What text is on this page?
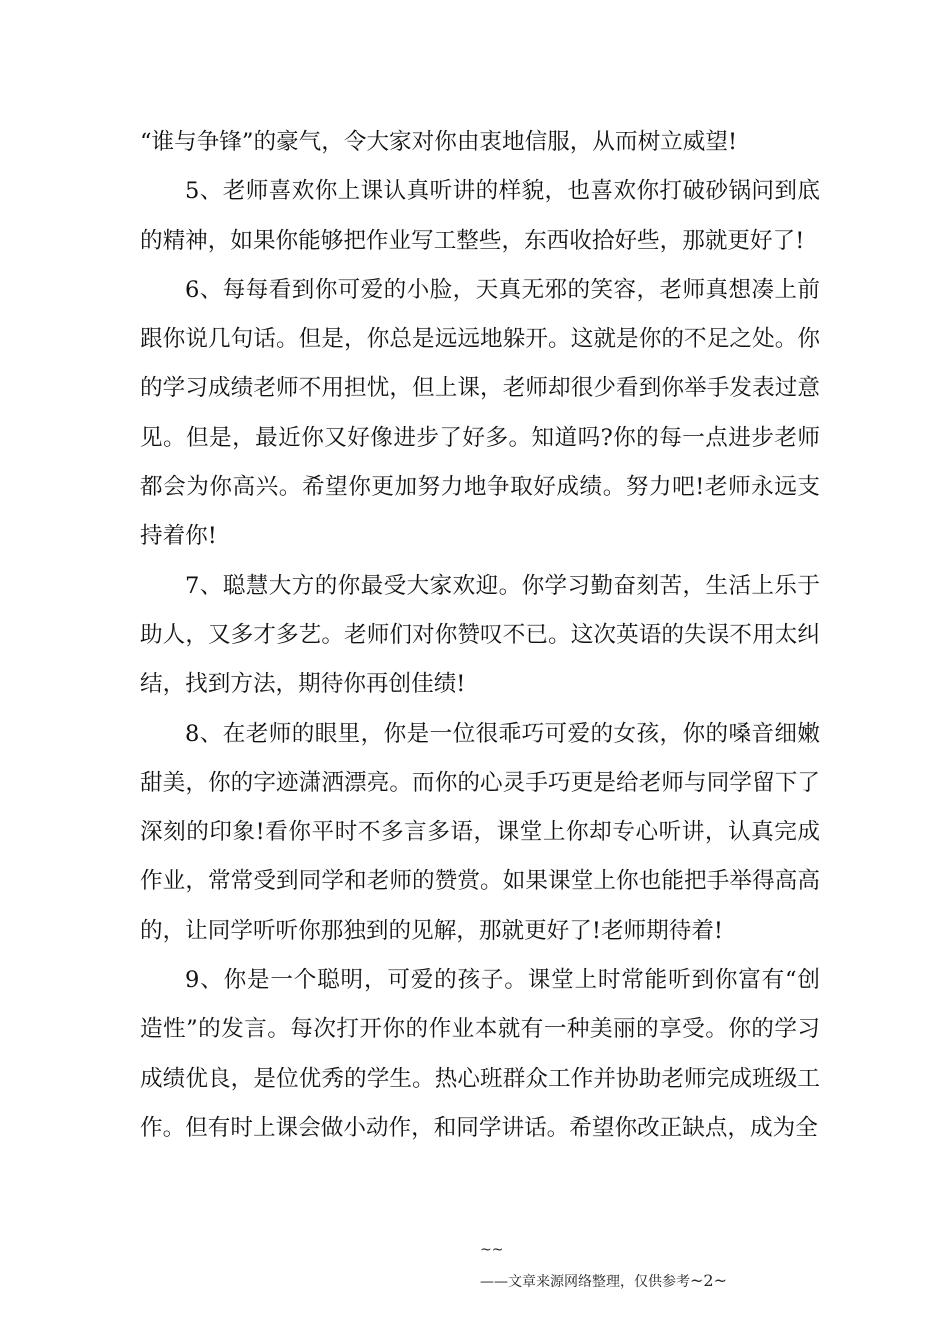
“谁与争锋”的豪气，令大家对你由衷地信服，从而树立威望!

5、老师喜欢你上课认真听讲的样貌，也喜欢你打破砂锅问到底的精神，如果你能够把作业写工整些，东西收拾好些，那就更好了!

6、每每看到你可爱的小脸，天真无邪的笑容，老师真想凑上前跟你说几句话。但是，你总是远远地躲开。这就是你的不足之处。你的学习成绩老师不用担忧，但上课，老师却很少看到你举手发表过意见。但是，最近你又好像进步了好多。知道吗?你的每一点进步老师都会为你高兴。希望你更加努力地争取好成绩。努力吧!老师永远支持着你!

7、聪慧大方的你最受大家欢迎。你学习勤奋刻苦，生活上乐于助人，又多才多艺。老师们对你赞叹不已。这次英语的失误不用太纠结，找到方法，期待你再创佳绩!

8、在老师的眼里，你是一位很乖巧可爱的女孩，你的嗓音细嫩甜美，你的字迹潇洒漂亮。而你的心灵手巧更是给老师与同学留下了深刻的印象!看你平时不多言多语，课堂上你却专心听讲，认真完成作业，常常受到同学和老师的赞赏。如果课堂上你也能把手举得高高的，让同学听听你那独到的见解，那就更好了!老师期待着!

9、你是一个聪明，可爱的孩子。课堂上时常能听到你富有“创造性”的发言。每次打开你的作业本就有一种美丽的享受。你的学习成绩优良，是位优秀的学生。热心班群众工作并协助老师完成班级工作。但有时上课会做小动作，和同学讲话。希望你改正缺点，成为全

~~
——文章来源网络整理，仅供参考~2~
